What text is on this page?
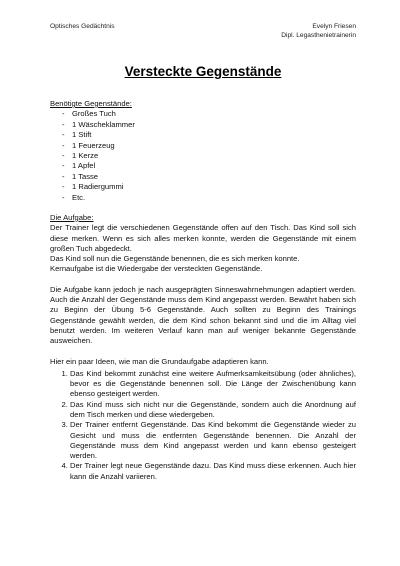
Optisches Gedächtnis	Evelyn Friesen
Dipl. Legasthenietrainerin
Versteckte Gegenstände
Benötigte Gegenstände:
- Großes Tuch
- 1 Wäscheklammer
- 1 Stift
- 1 Feuerzeug
- 1 Kerze
- 1 Apfel
- 1 Tasse
- 1 Radiergummi
- Etc.
Die Aufgabe:

Der Trainer legt die verschiedenen Gegenstände offen auf den Tisch. Das Kind soll sich diese merken. Wenn es sich alles merken konnte, werden die Gegenstände mit einem großen Tuch abgedeckt.

Das Kind soll nun die Gegenstände benennen, die es sich merken konnte.

Kernaufgabe ist die Wiedergabe der versteckten Gegenstände.

Die Aufgabe kann jedoch je nach ausgeprägten Sinneswahrnehmungen adaptiert werden. Auch die Anzahl der Gegenstände muss dem Kind angepasst werden. Bewährt haben sich zu Beginn der Übung 5-6 Gegenstände. Auch sollten zu Beginn des Trainings Gegenstände gewählt werden, die dem Kind schon bekannt sind und die im Alltag viel benutzt werden. Im weiteren Verlauf kann man auf weniger bekannte Gegenstände ausweichen.

Hier ein paar Ideen, wie man die Grundaufgabe adaptieren kann.
1. Das Kind bekommt zunächst eine weitere Aufmerksamkeitsübung (oder ähnliches), bevor es die Gegenstände benennen soll. Die Länge der Zwischenübung kann ebenso gesteigert werden.
2. Das Kind muss sich nicht nur die Gegenstände, sondern auch die Anordnung auf dem Tisch merken und diese wiedergeben.
3. Der Trainer entfernt Gegenstände. Das Kind bekommt die Gegenstände wieder zu Gesicht und muss die entfernten Gegenstände benennen. Die Anzahl der Gegenstände muss dem Kind angepasst werden und kann ebenso gesteigert werden.
4. Der Trainer legt neue Gegenstände dazu. Das Kind muss diese erkennen. Auch hier kann die Anzahl variieren.
